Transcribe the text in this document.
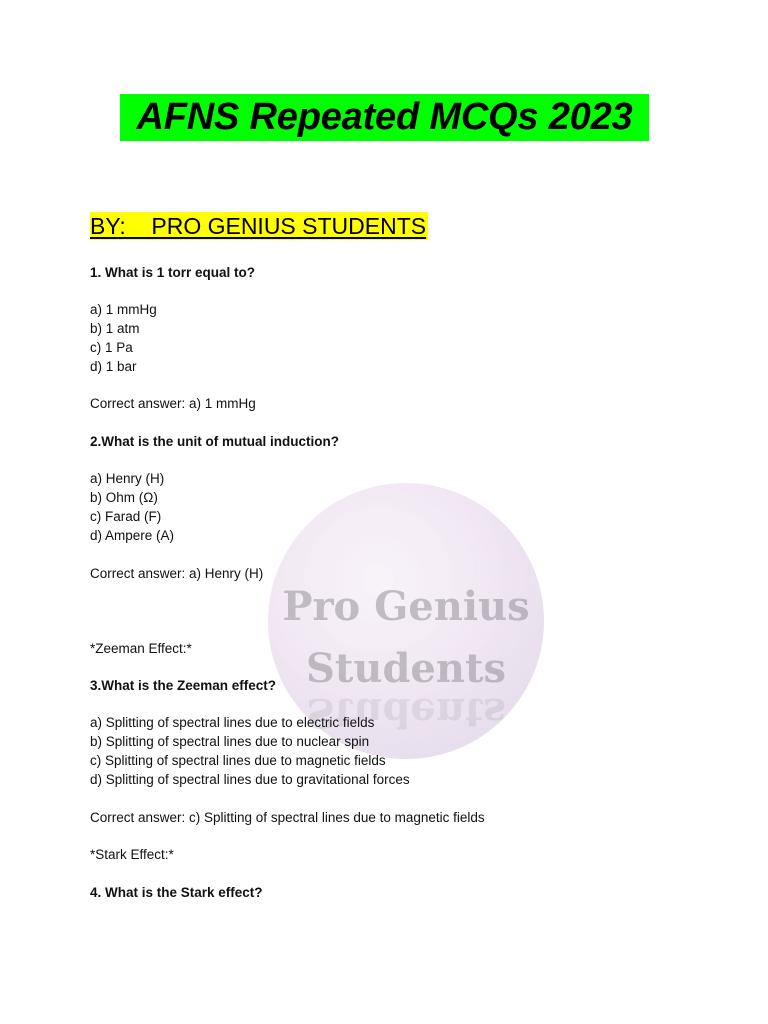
Pro Genius
Students
Students
AFNS Repeated MCQs 2023
BY:    PRO GENIUS STUDENTS
1. What is 1 torr equal to?
a) 1 mmHg
b) 1 atm
c) 1 Pa
d) 1 bar
Correct answer: a) 1 mmHg
2.What is the unit of mutual induction?
a) Henry (H)
b) Ohm (Ω)
c) Farad (F)
d) Ampere (A)
Correct answer: a) Henry (H)
*Zeeman Effect:*
3.What is the Zeeman effect?
a) Splitting of spectral lines due to electric fields
b) Splitting of spectral lines due to nuclear spin
c) Splitting of spectral lines due to magnetic fields
d) Splitting of spectral lines due to gravitational forces
Correct answer: c) Splitting of spectral lines due to magnetic fields
*Stark Effect:*
4. What is the Stark effect?
